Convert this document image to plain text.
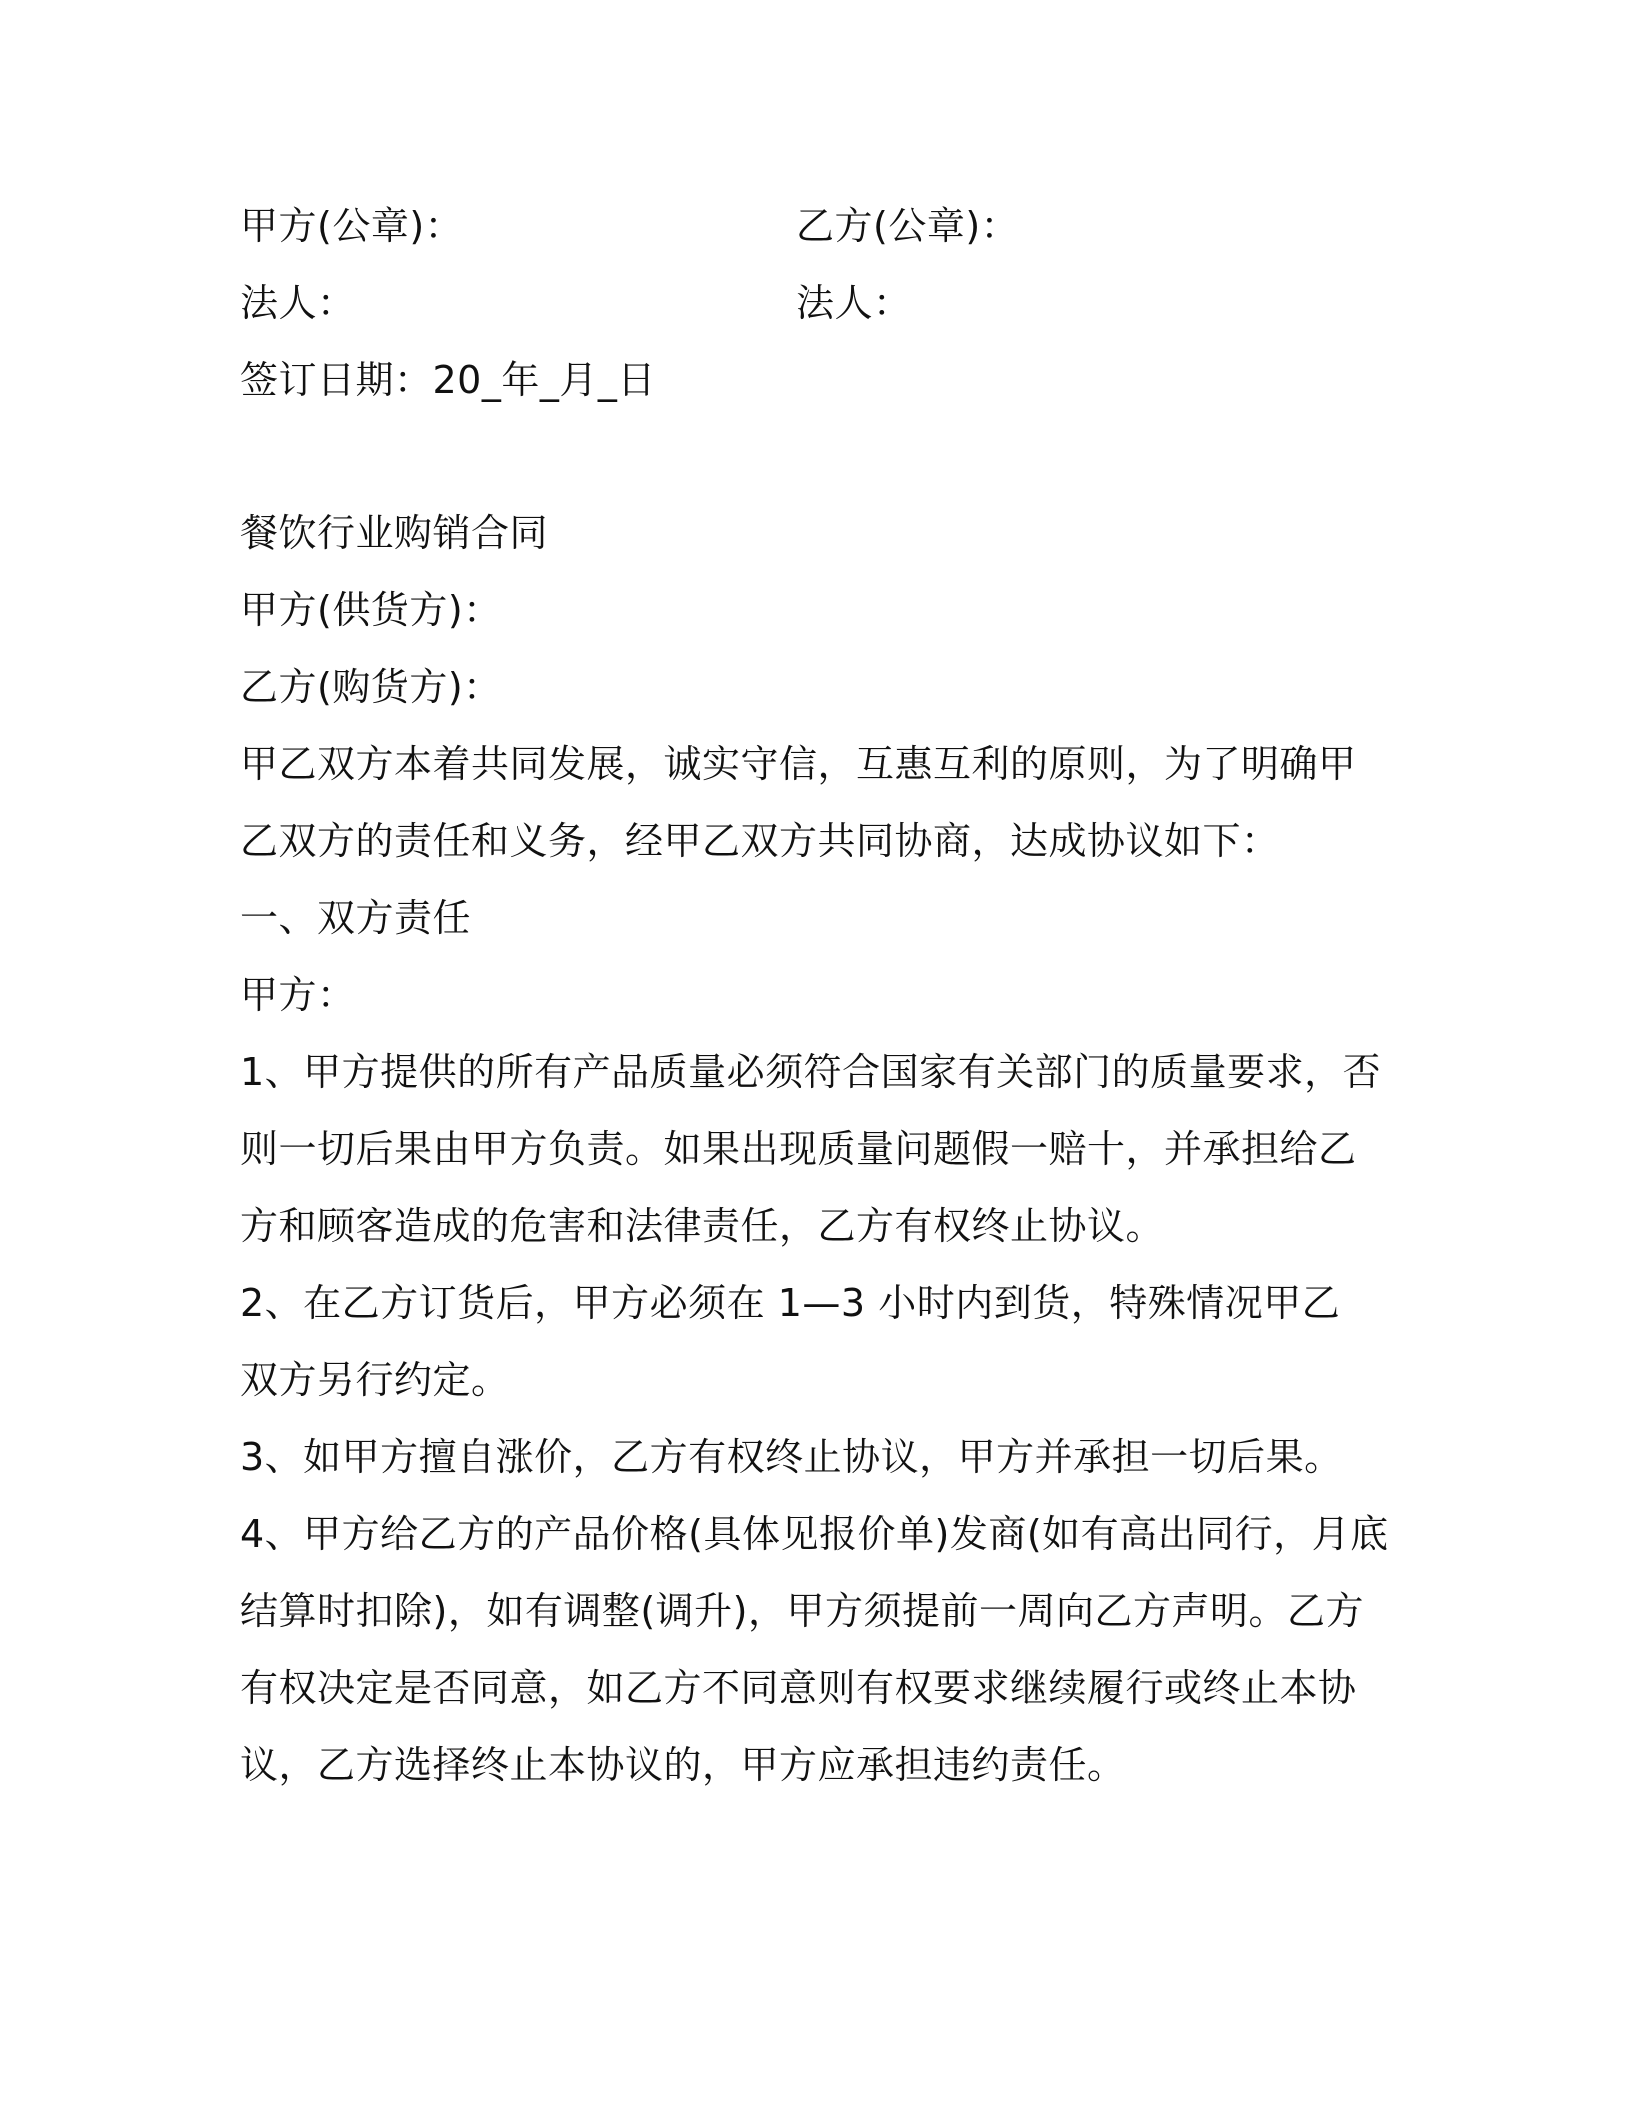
甲方(公章)：	乙方(公章)：
法人：	法人：
签订日期：20_年_月_日
餐饮行业购销合同
甲方(供货方)：
乙方(购货方)：
甲乙双方本着共同发展，诚实守信，互惠互利的原则，为了明确甲乙双方的责任和义务，经甲乙双方共同协商，达成协议如下：
一、双方责任
甲方：
1、甲方提供的所有产品质量必须符合国家有关部门的质量要求，否则一切后果由甲方负责。如果出现质量问题假一赔十，并承担给乙方和顾客造成的危害和法律责任，乙方有权终止协议。
2、在乙方订货后，甲方必须在 1—3 小时内到货，特殊情况甲乙双方另行约定。
3、如甲方擅自涨价，乙方有权终止协议，甲方并承担一切后果。
4、甲方给乙方的产品价格(具体见报价单)发商(如有高出同行，月底结算时扣除)，如有调整(调升)，甲方须提前一周向乙方声明。乙方有权决定是否同意，如乙方不同意则有权要求继续履行或终止本协议，乙方选择终止本协议的，甲方应承担违约责任。
